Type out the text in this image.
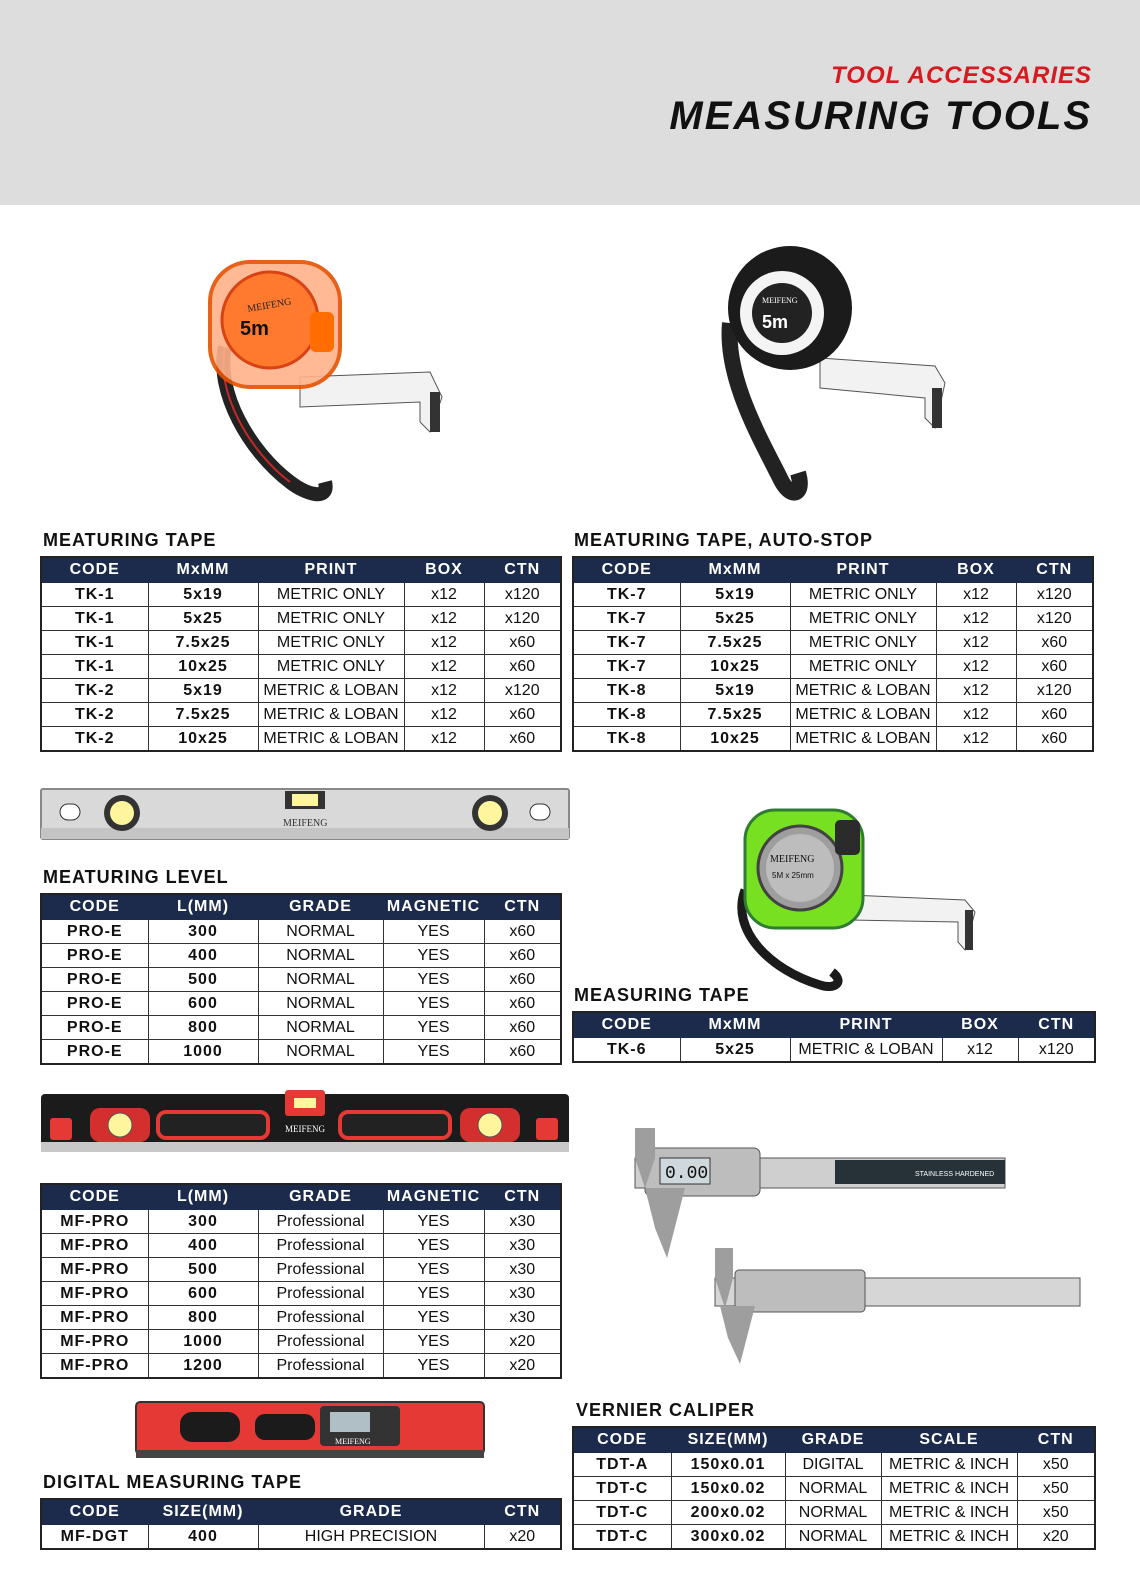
TOOL ACCESSARIES
MEASURING TOOLS
MEIFENG
5m
MEIFENG
5m
MEATURING TAPE
CODE	MxMM	PRINT	BOX	CTN
TK-1	5x19	METRIC ONLY	x12	x120
TK-1	5x25	METRIC ONLY	x12	x120
TK-1	7.5x25	METRIC ONLY	x12	x60
TK-1	10x25	METRIC ONLY	x12	x60
TK-2	5x19	METRIC & LOBAN	x12	x120
TK-2	7.5x25	METRIC & LOBAN	x12	x60
TK-2	10x25	METRIC & LOBAN	x12	x60
MEATURING TAPE, AUTO-STOP
CODE	MxMM	PRINT	BOX	CTN
TK-7	5x19	METRIC ONLY	x12	x120
TK-7	5x25	METRIC ONLY	x12	x120
TK-7	7.5x25	METRIC ONLY	x12	x60
TK-7	10x25	METRIC ONLY	x12	x60
TK-8	5x19	METRIC & LOBAN	x12	x120
TK-8	7.5x25	METRIC & LOBAN	x12	x60
TK-8	10x25	METRIC & LOBAN	x12	x60
MEIFENG
MEATURING LEVEL
CODE	L(MM)	GRADE	MAGNETIC	CTN
PRO-E	300	NORMAL	YES	x60
PRO-E	400	NORMAL	YES	x60
PRO-E	500	NORMAL	YES	x60
PRO-E	600	NORMAL	YES	x60
PRO-E	800	NORMAL	YES	x60
PRO-E	1000	NORMAL	YES	x60
MEIFENG
5M x 25mm
MEASURING TAPE
CODE	MxMM	PRINT	BOX	CTN
TK-6	5x25	METRIC & LOBAN	x12	x120
MEIFENG
CODE	L(MM)	GRADE	MAGNETIC	CTN
MF-PRO	300	Professional	YES	x30
MF-PRO	400	Professional	YES	x30
MF-PRO	500	Professional	YES	x30
MF-PRO	600	Professional	YES	x30
MF-PRO	800	Professional	YES	x30
MF-PRO	1000	Professional	YES	x20
MF-PRO	1200	Professional	YES	x20
0.00	STAINLESS HARDENED
MEIFENG
VERNIER CALIPER
CODE	SIZE(MM)	GRADE	SCALE	CTN
TDT-A	150x0.01	DIGITAL	METRIC & INCH	x50
TDT-C	150x0.02	NORMAL	METRIC & INCH	x50
TDT-C	200x0.02	NORMAL	METRIC & INCH	x50
TDT-C	300x0.02	NORMAL	METRIC & INCH	x20
DIGITAL MEASURING TAPE
CODE	SIZE(MM)	GRADE	CTN
MF-DGT	400	HIGH PRECISION	x20
